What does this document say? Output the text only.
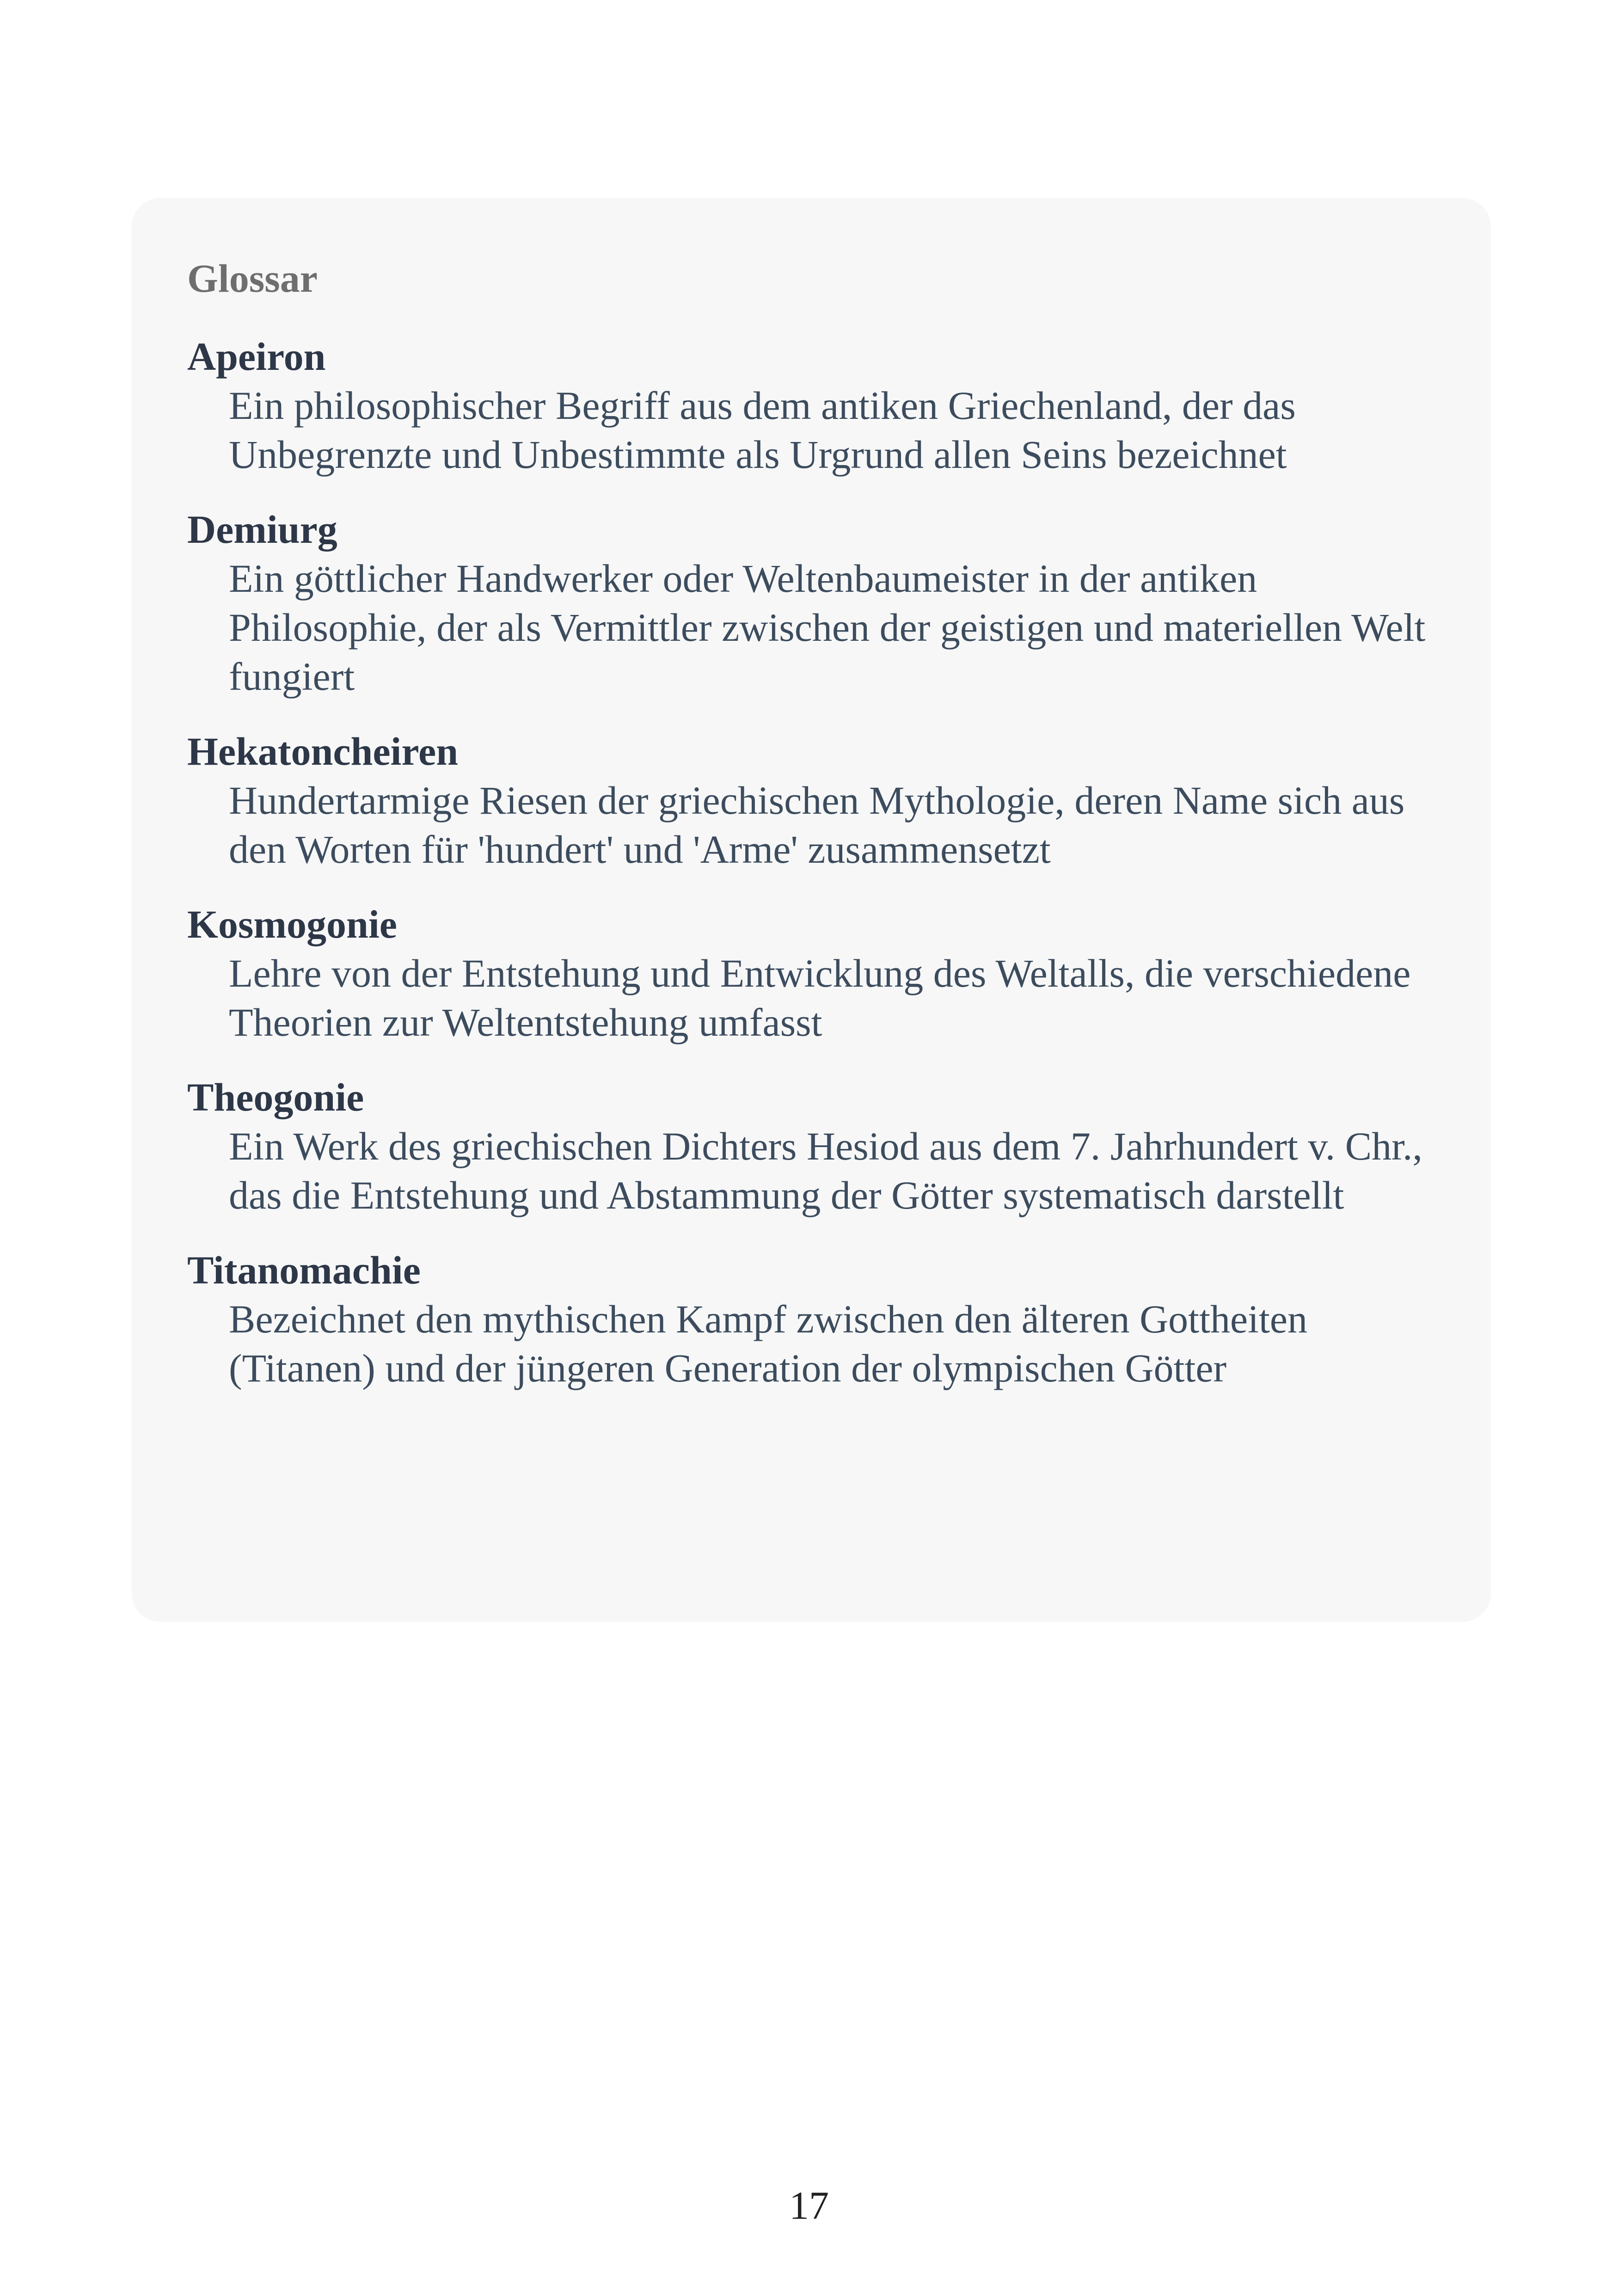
Glossar

Apeiron

Ein philosophischer Begriff aus dem antiken Griechenland, der das Unbegrenzte und Unbestimmte als Urgrund allen Seins bezeichnet

Demiurg

Ein göttlicher Handwerker oder Weltenbaumeister in der antiken Philosophie, der als Vermittler zwischen der geistigen und materiellen Welt fungiert

Hekatoncheiren

Hundertarmige Riesen der griechischen Mythologie, deren Name sich aus den Worten für 'hundert' und 'Arme' zusammensetzt

Kosmogonie

Lehre von der Entstehung und Entwicklung des Weltalls, die verschiedene Theorien zur Weltentstehung umfasst

Theogonie

Ein Werk des griechischen Dichters Hesiod aus dem 7. Jahrhundert v. Chr., das die Entstehung und Abstammung der Götter systematisch darstellt

Titanomachie

Bezeichnet den mythischen Kampf zwischen den älteren Gottheiten (Titanen) und der jüngeren Generation der olympischen Götter

17
